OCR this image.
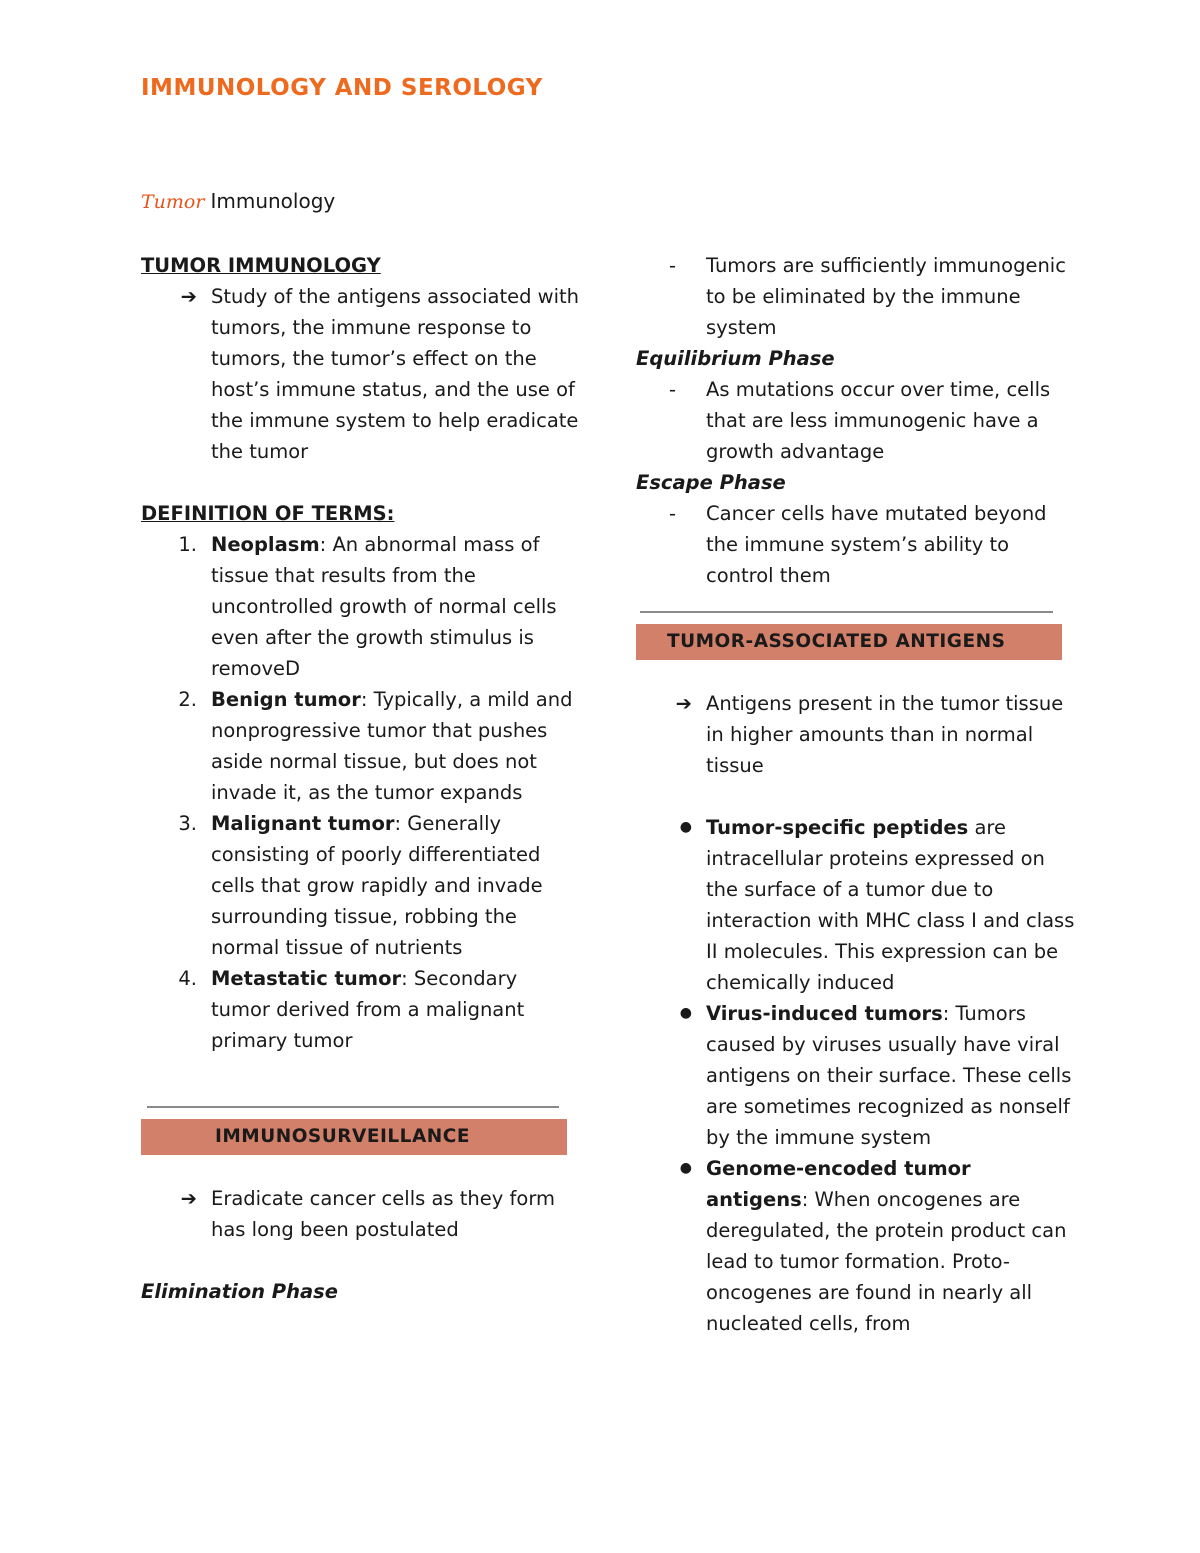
IMMUNOLOGY AND SEROLOGY
Tumor Immunology

TUMOR IMMUNOLOGY

➔ Study of the antigens associated with tumors, the immune response to tumors, the tumor’s effect on the host’s immune status, and the use of the immune system to help eradicate the tumor

DEFINITION OF TERMS:

1. Neoplasm: An abnormal mass of tissue that results from the uncontrolled growth of normal cells even after the growth stimulus is removeD
2. Benign tumor: Typically, a mild and nonprogressive tumor that pushes aside normal tissue, but does not invade it, as the tumor expands
3. Malignant tumor: Generally consisting of poorly differentiated cells that grow rapidly and invade surrounding tissue, robbing the normal tissue of nutrients
4. Metastatic tumor: Secondary tumor derived from a malignant primary tumor
IMMUNOSURVEILLANCE
➔ Eradicate cancer cells as they form has long been postulated

Elimination Phase

- Tumors are sufficiently immunogenic to be eliminated by the immune system

Equilibrium Phase

- As mutations occur over time, cells that are less immunogenic have a growth advantage

Escape Phase

- Cancer cells have mutated beyond the immune system’s ability to control them
TUMOR-ASSOCIATED ANTIGENS
➔ Antigens present in the tumor tissue in higher amounts than in normal tissue
● Tumor-specific peptides are intracellular proteins expressed on the surface of a tumor due to interaction with MHC class I and class II molecules. This expression can be chemically induced
● Virus-induced tumors: Tumors caused by viruses usually have viral antigens on their surface. These cells are sometimes recognized as nonself by the immune system
● Genome-encoded tumor antigens: When oncogenes are deregulated, the protein product can lead to tumor formation. Proto-oncogenes are found in nearly all nucleated cells, from
